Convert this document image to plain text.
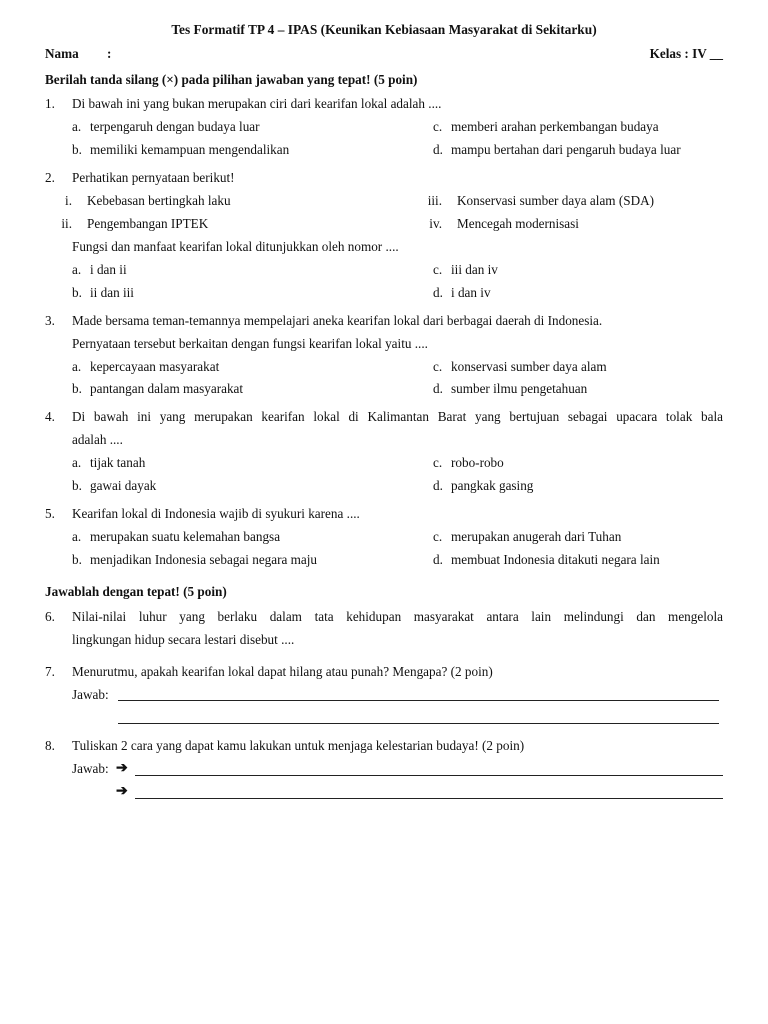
Tes Formatif TP 4 – IPAS (Keunikan Kebiasaan Masyarakat di Sekitarku)
Nama :	Kelas : IV __
Berilah tanda silang (×) pada pilihan jawaban yang tepat! (5 poin)
1. Di bawah ini yang bukan merupakan ciri dari kearifan lokal adalah ....
a. terpengaruh dengan budaya luar
b. memiliki kemampuan mengendalikan
c. memberi arahan perkembangan budaya
d. mampu bertahan dari pengaruh budaya luar
2. Perhatikan pernyataan berikut!
i. Kebebasan bertingkah laku
ii. Pengembangan IPTEK
iii. Konservasi sumber daya alam (SDA)
iv. Mencegah modernisasi
Fungsi dan manfaat kearifan lokal ditunjukkan oleh nomor ....
a. i dan ii
b. ii dan iii
c. iii dan iv
d. i dan iv
3. Made bersama teman-temannya mempelajari aneka kearifan lokal dari berbagai daerah di Indonesia.
Pernyataan tersebut berkaitan dengan fungsi kearifan lokal yaitu ....
a. kepercayaan masyarakat
b. pantangan dalam masyarakat
c. konservasi sumber daya alam
d. sumber ilmu pengetahuan
4. Di bawah ini yang merupakan kearifan lokal di Kalimantan Barat yang bertujuan sebagai upacara tolak bala
adalah ....
a. tijak tanah
b. gawai dayak
c. robo-robo
d. pangkak gasing
5. Kearifan lokal di Indonesia wajib di syukuri karena ....
a. merupakan suatu kelemahan bangsa
b. menjadikan Indonesia sebagai negara maju
c. merupakan anugerah dari Tuhan
d. membuat Indonesia ditakuti negara lain
Jawablah dengan tepat! (5 poin)
6. Nilai-nilai luhur yang berlaku dalam tata kehidupan masyarakat antara lain melindungi dan mengelola
lingkungan hidup secara lestari disebut ....
7. Menurutmu, apakah kearifan lokal dapat hilang atau punah? Mengapa? (2 poin)
Jawab:
8. Tuliskan 2 cara yang dapat kamu lakukan untuk menjaga kelestarian budaya! (2 poin)
Jawab: ➔
➔
